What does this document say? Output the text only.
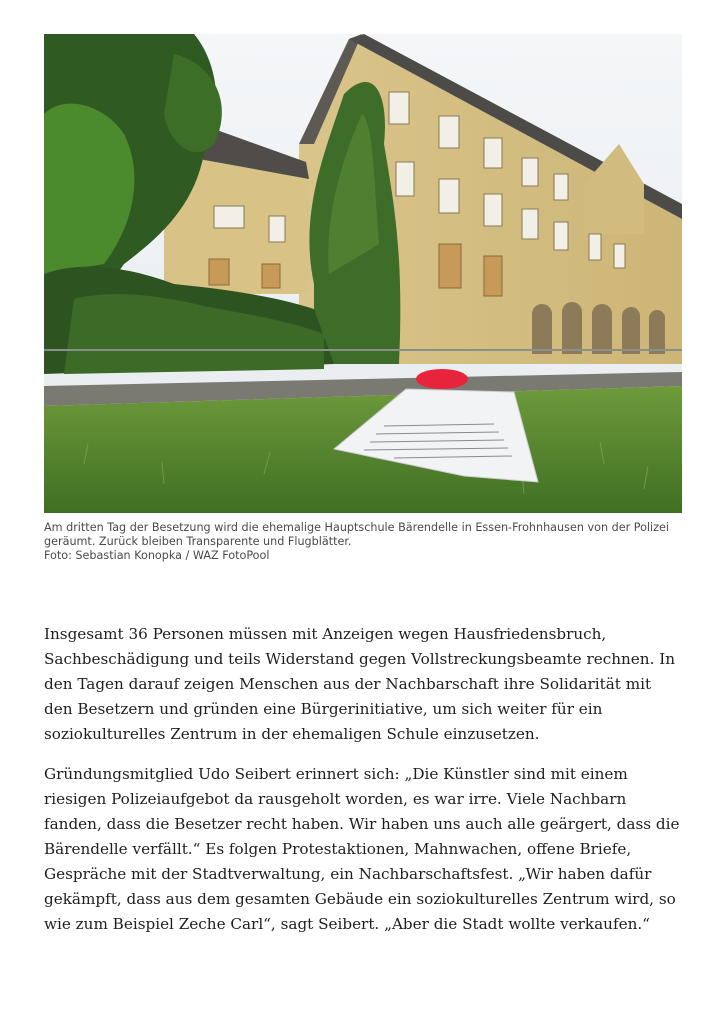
Am dritten Tag der Besetzung wird die ehemalige Hauptschule Bärendelle in Essen-Frohnhausen von der Polizei geräumt. Zurück bleiben Transparente und Flugblätter.

Foto: Sebastian Konopka / WAZ FotoPool

Insgesamt 36 Personen müssen mit Anzeigen wegen Hausfriedensbruch, Sachbeschädigung und teils Widerstand gegen Vollstreckungsbeamte rechnen. In den Tagen darauf zeigen Menschen aus der Nachbarschaft ihre Solidarität mit den Besetzern und gründen eine Bürgerinitiative, um sich weiter für ein soziokulturelles Zentrum in der ehemaligen Schule einzusetzen.

Gründungsmitglied Udo Seibert erinnert sich: „Die Künstler sind mit einem riesigen Polizeiaufgebot da rausgeholt worden, es war irre. Viele Nachbarn fanden, dass die Besetzer recht haben. Wir haben uns auch alle geärgert, dass die Bärendelle verfällt.“ Es folgen Protestaktionen, Mahnwachen, offene Briefe, Gespräche mit der Stadtverwaltung, ein Nachbarschaftsfest. „Wir haben dafür gekämpft, dass aus dem gesamten Gebäude ein soziokulturelles Zentrum wird, so wie zum Beispiel Zeche Carl“, sagt Seibert. „Aber die Stadt wollte verkaufen.“
